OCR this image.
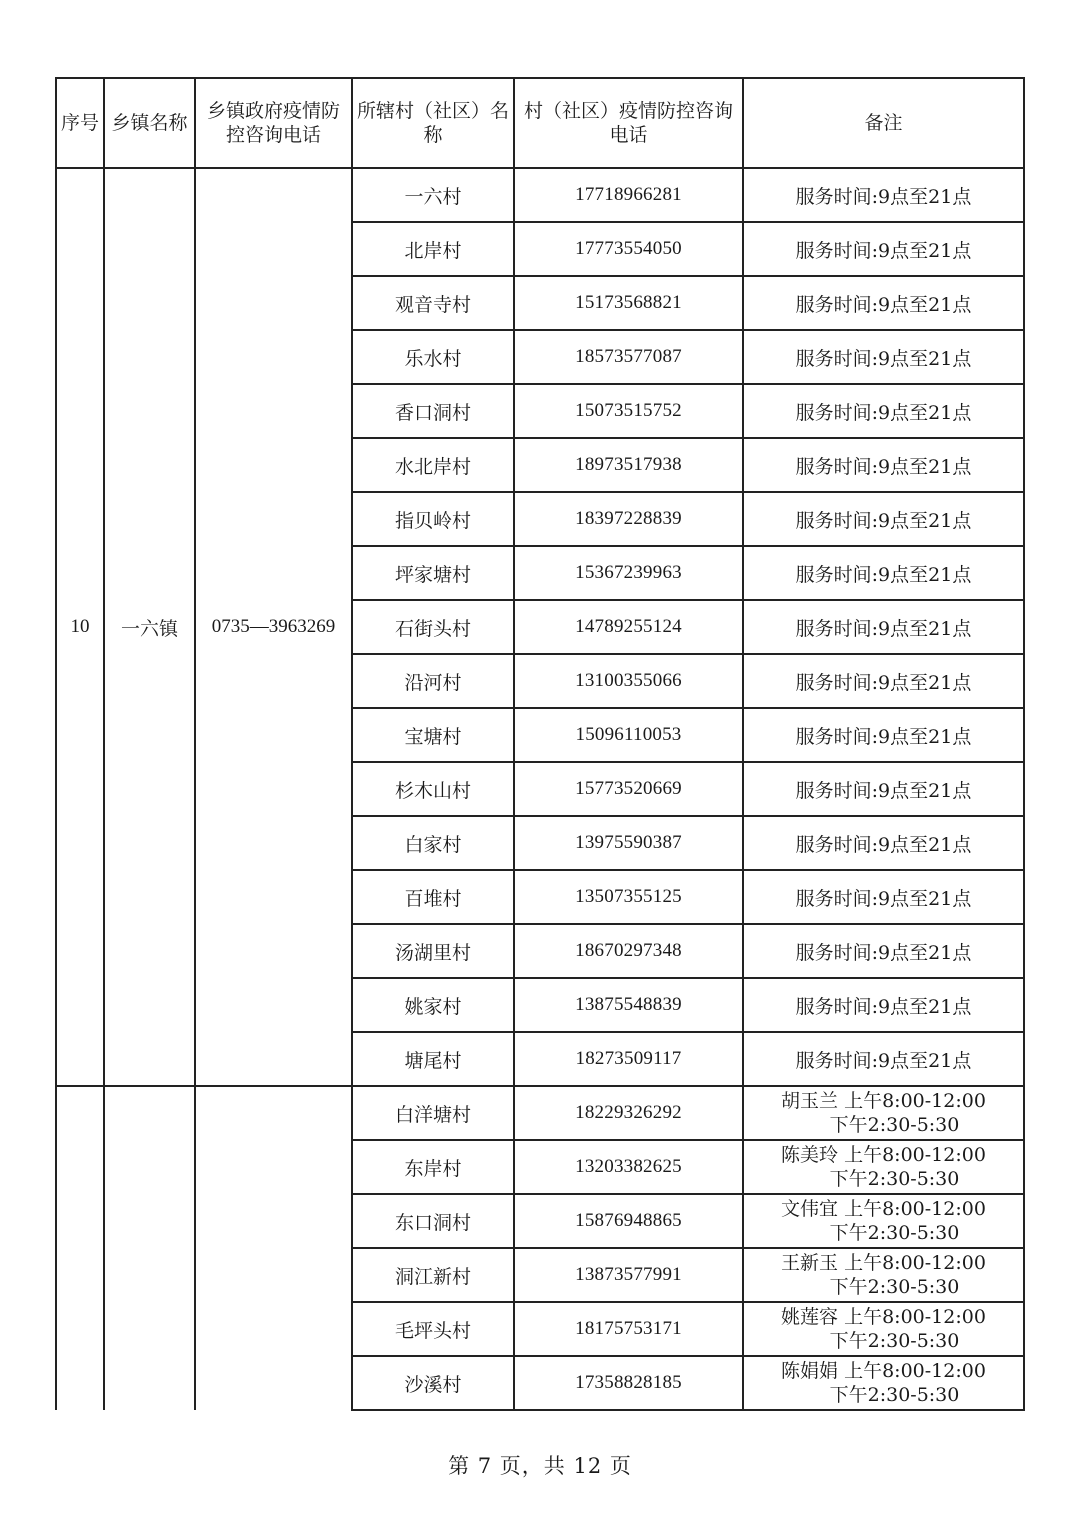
序号	乡镇名称	乡镇政府疫情防控咨询电话	所辖村（社区）名称	村（社区）疫情防控咨询电话	备注

10	一六镇	0735—3963269	一六村	17718966281	服务时间:9点至21点
			北岸村	17773554050	服务时间:9点至21点
			观音寺村	15173568821	服务时间:9点至21点
			乐水村	18573577087	服务时间:9点至21点
			香口洞村	15073515752	服务时间:9点至21点
			水北岸村	18973517938	服务时间:9点至21点
			指贝岭村	18397228839	服务时间:9点至21点
			坪家塘村	15367239963	服务时间:9点至21点
			石街头村	14789255124	服务时间:9点至21点
			沿河村	13100355066	服务时间:9点至21点
			宝塘村	15096110053	服务时间:9点至21点
			杉木山村	15773520669	服务时间:9点至21点
			白家村	13975590387	服务时间:9点至21点
			百堆村	13507355125	服务时间:9点至21点
			汤湖里村	18670297348	服务时间:9点至21点
			姚家村	13875548839	服务时间:9点至21点
			塘尾村	18273509117	服务时间:9点至21点
			白洋塘村	18229326292	胡玉兰 上午8:00-12:00
下午2:30-5:30

			东岸村	13203382625	陈美玲 上午8:00-12:00
下午2:30-5:30

			东口洞村	15876948865	文伟宜 上午8:00-12:00
下午2:30-5:30

			洞江新村	13873577991	王新玉 上午8:00-12:00
下午2:30-5:30

			毛坪头村	18175753171	姚莲容 上午8:00-12:00
下午2:30-5:30

			沙溪村	17358828185	陈娟娟 上午8:00-12:00
下午2:30-5:30
第 7 页，共 12 页
